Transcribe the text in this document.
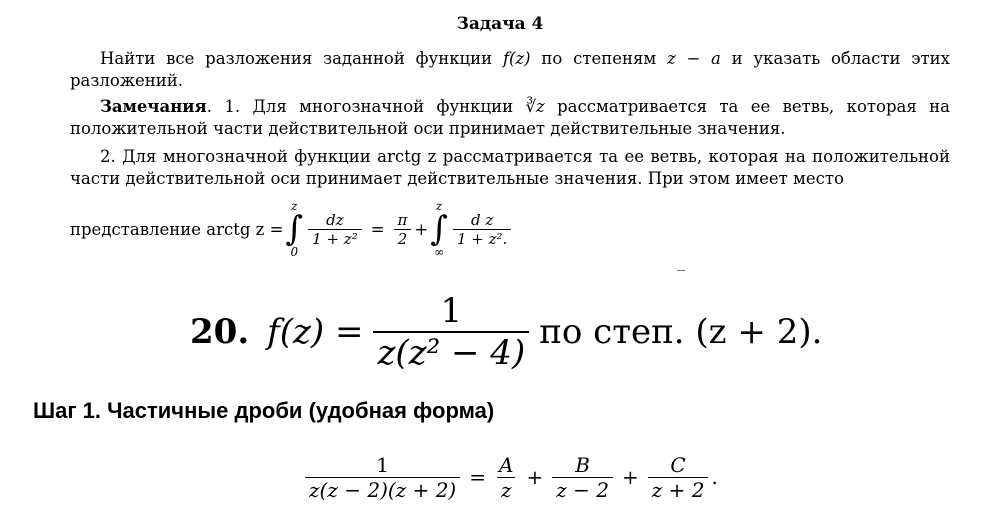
Задача 4
Найти все разложения заданной функции f(z) по степеням z − a и указать области этих разложений.
Замечания. 1. Для многозначной функции ∛z рассматривается та ее ветвь, которая на положительной части действительной оси принимает действительные значения.
2. Для многозначной функции arctg z рассматривается та ее ветвь, которая на положительной части действительной оси принимает действительные значения. При этом имеет место
представление
arctg z =
z
∫
0
$\frac{dz}{\text{1 + z²}} = \frac{\pi}{2}$ +
z
∫
∞
$\frac{\text{d z}}{\text{1 + z².}}$
20. $f(z) = \frac{1}{\text{z(z² − 4)}}$ по степ. (z + 2).
Шаг 1. Частичные дроби (удобная форма)
$\frac{1}{z(z - 2)(z + 2)} = \frac{A}{z} + \frac{B}{z - 2} + \frac{C}{z + 2}$ .
